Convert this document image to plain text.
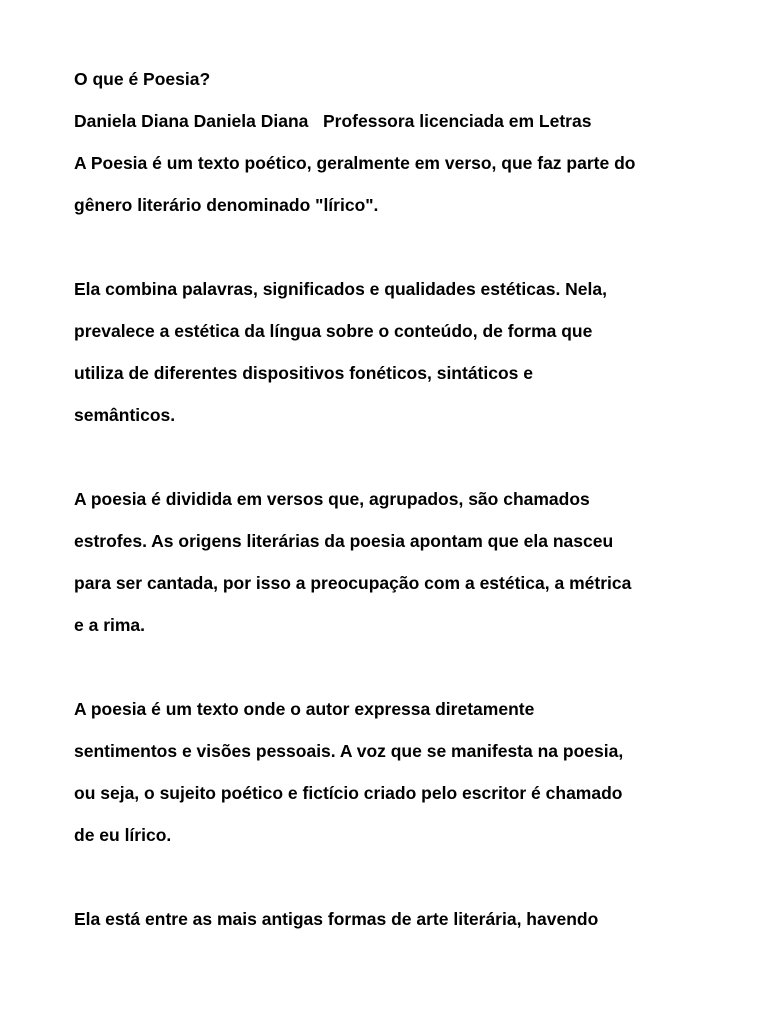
O que é Poesia?
Daniela Diana Daniela Diana   Professora licenciada em Letras
A Poesia é um texto poético, geralmente em verso, que faz parte do
gênero literário denominado "lírico".
Ela combina palavras, significados e qualidades estéticas. Nela,
prevalece a estética da língua sobre o conteúdo, de forma que
utiliza de diferentes dispositivos fonéticos, sintáticos e
semânticos.
A poesia é dividida em versos que, agrupados, são chamados
estrofes. As origens literárias da poesia apontam que ela nasceu
para ser cantada, por isso a preocupação com a estética, a métrica
e a rima.
A poesia é um texto onde o autor expressa diretamente
sentimentos e visões pessoais. A voz que se manifesta na poesia,
ou seja, o sujeito poético e fictício criado pelo escritor é chamado
de eu lírico.
Ela está entre as mais antigas formas de arte literária, havendo
